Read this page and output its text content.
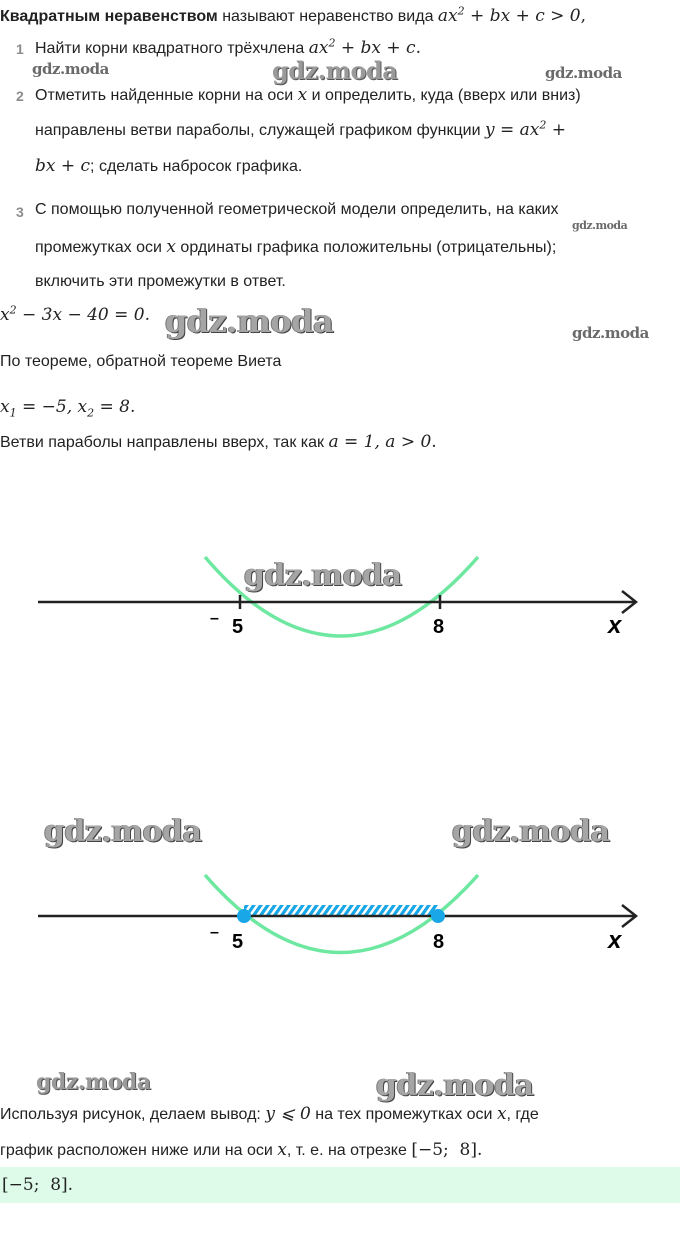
Квадратным неравенством называют неравенство вида $ax^2$ + bx + c > 0,
1 Найти корни квадратного трёхчлена $ax^2$ + bx + c.
2 Отметить найденные корни на оси x и определить, куда (вверх или вниз)
направлены ветви параболы, служащей графиком функции $y = ax^2$ +
bx + c; сделать набросок графика.
3 С помощью полученной геометрической модели определить, на каких
промежутках оси x ординаты графика положительны (отрицательны);
включить эти промежутки в ответ.
$x^2 - 3x - 40 = 0$.
По теореме, обратной теореме Виета
$x_1 = -5$, $x_2 = 8$.
Ветви параболы направлены вверх, так как a = 1, a > 0.
– 5	8	x
– 5	8	x
Используя рисунок, делаем вывод: y ⩽ 0 на тех промежутках оси x, где
график расположен ниже или на оси x, т. е. на отрезке [−5;  8].
[−5;  8].
gdz.moda	gdz.moda	gdz.moda
gdz.moda
gdz.moda	gdz.moda
gdz.moda
gdz.moda	gdz.moda
gdz.moda	gdz.moda
